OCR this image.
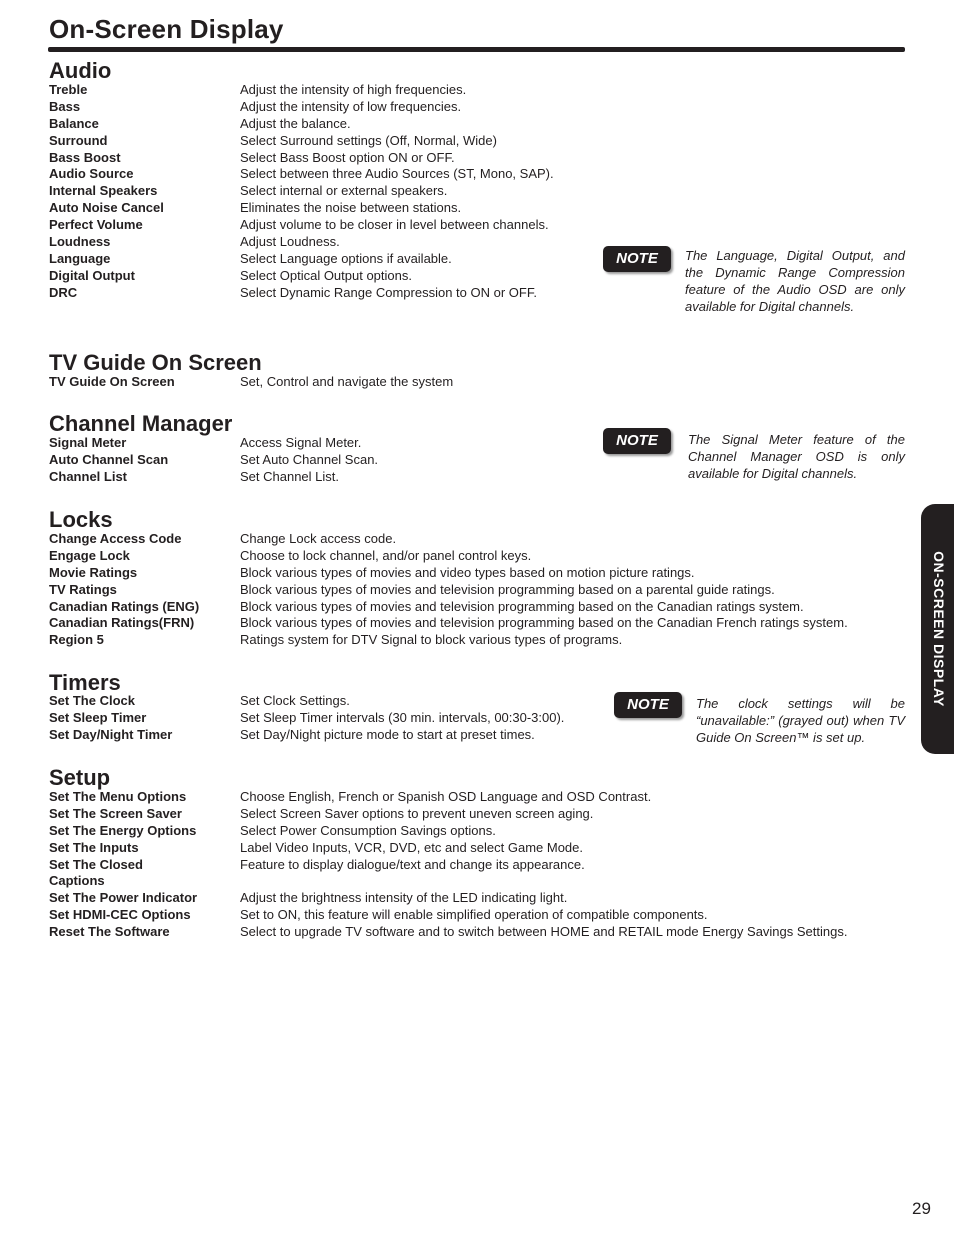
On-Screen Display
Audio
Treble	Adjust the intensity of high frequencies.
Bass	Adjust the intensity of low frequencies.
Balance	Adjust the balance.
Surround	Select Surround settings (Off, Normal, Wide)
Bass Boost	Select Bass Boost option ON or OFF.
Audio Source	Select between three Audio Sources (ST, Mono, SAP).
Internal Speakers	Select internal or external speakers.
Auto Noise Cancel	Eliminates the noise between stations.
Perfect Volume	Adjust volume to be closer in level between channels.
Loudness	Adjust Loudness.
Language	Select Language options if available.
Digital Output	Select Optical Output options.
DRC	Select Dynamic Range Compression to ON or OFF.
NOTE	The Language, Digital Output, and the Dynamic Range Compression feature of the Audio OSD are only available for Digital channels.
TV Guide On Screen
TV Guide On Screen	Set, Control and navigate the system
Channel Manager
Signal Meter	Access Signal Meter.
Auto Channel Scan	Set Auto Channel Scan.
Channel List	Set Channel List.
NOTE	The Signal Meter feature of the Channel Manager OSD is only available for Digital channels.
Locks
Change Access Code	Change Lock access code.
Engage Lock	Choose to lock channel, and/or panel control keys.
Movie Ratings	Block various types of movies and video types based on motion picture ratings.
TV Ratings	Block various types of movies and television programming based on a parental guide ratings.
Canadian Ratings (ENG)	Block various types of movies and television programming based on the Canadian ratings system.
Canadian Ratings(FRN)	Block various types of movies and television programming based on the Canadian French ratings system.
Region 5	Ratings system for DTV Signal to block various types of programs.
Timers
Set The Clock	Set Clock Settings.
Set Sleep Timer	Set Sleep Timer intervals (30 min. intervals, 00:30-3:00).
Set Day/Night Timer	Set Day/Night picture mode to start at preset times.
NOTE	The clock settings will be “unavailable:” (grayed out) when TV Guide On Screen™ is set up.
Setup
Set The Menu Options	Choose English, French or Spanish OSD Language and OSD Contrast.
Set The Screen Saver	Select Screen Saver options to prevent uneven screen aging.
Set The Energy Options	Select Power Consumption Savings options.
Set The Inputs	Label Video Inputs, VCR, DVD, etc and select Game Mode.
Set The Closed	Feature to display dialogue/text and change its appearance.
Captions
Set The Power Indicator	Adjust the brightness intensity of the LED indicating light.
Set HDMI-CEC Options	Set to ON, this feature will enable simplified operation of compatible components.
Reset The Software	Select to upgrade TV software and to switch between HOME and RETAIL mode Energy Savings Settings.
ON-SCREEN DISPLAY
29
